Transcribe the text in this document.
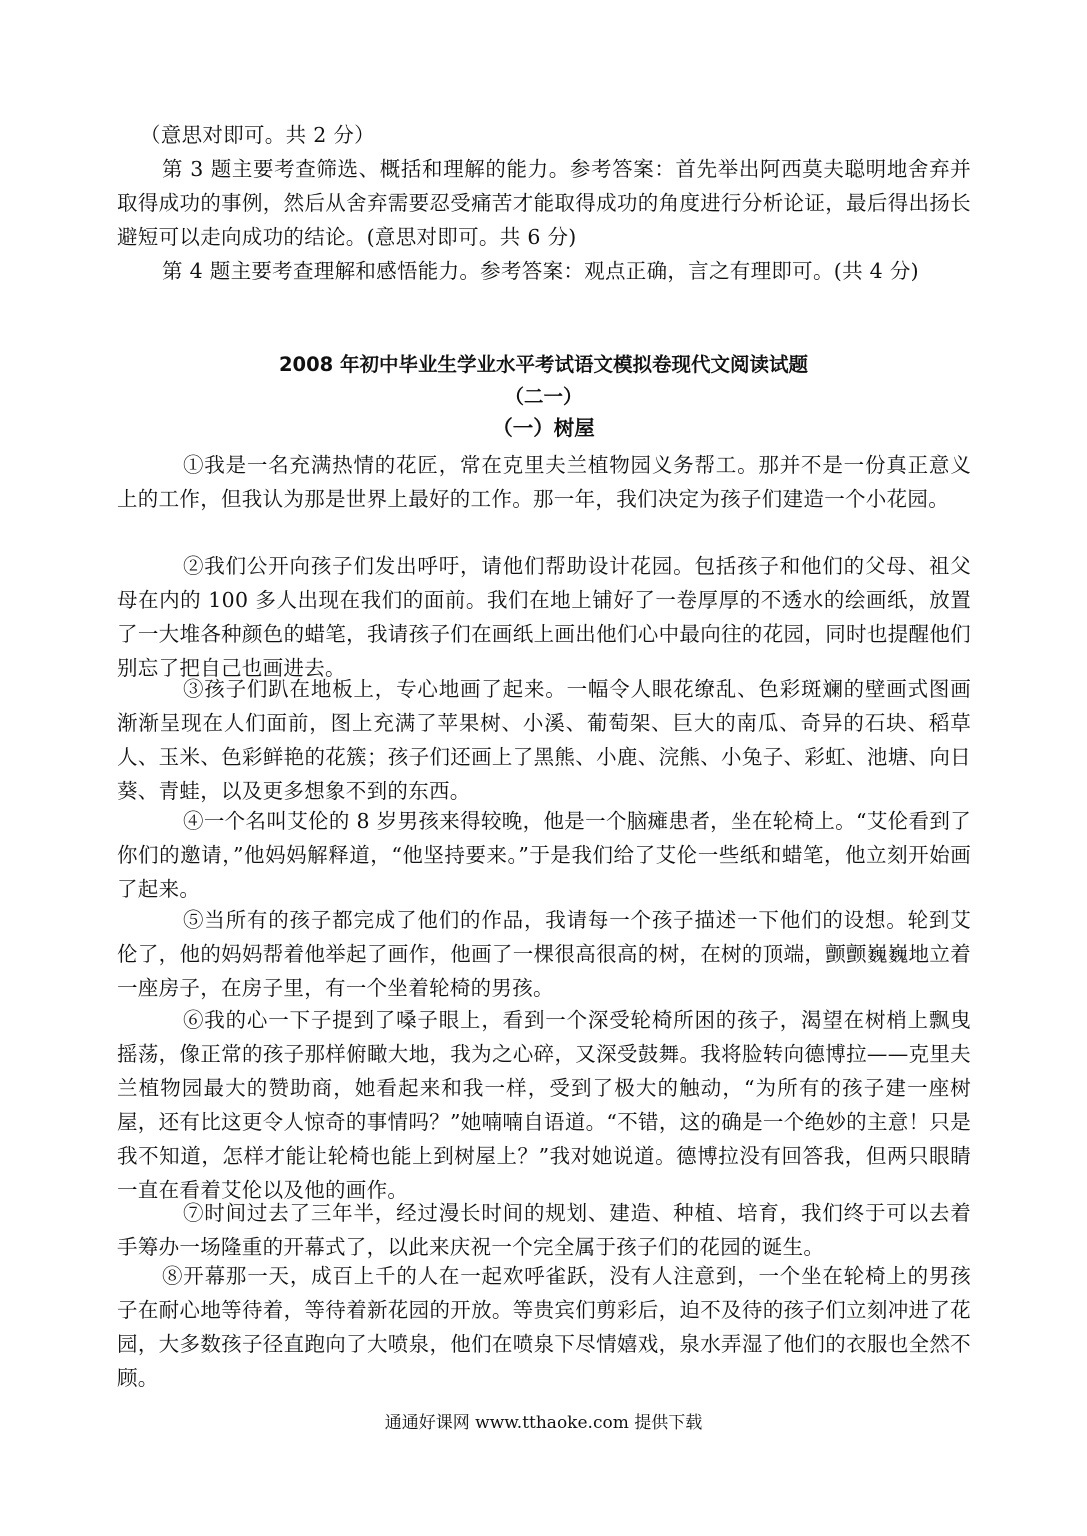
（意思对即可。共 2 分）

第 3 题主要考查筛选、概括和理解的能力。参考答案：首先举出阿西莫夫聪明地舍弃并取得成功的事例，然后从舍弃需要忍受痛苦才能取得成功的角度进行分析论证，最后得出扬长避短可以走向成功的结论。(意思对即可。共 6 分)

第 4 题主要考查理解和感悟能力。参考答案：观点正确，言之有理即可。(共 4 分)

2008 年初中毕业生学业水平考试语文模拟卷现代文阅读试题
（二一）
（一）树屋

①我是一名充满热情的花匠，常在克里夫兰植物园义务帮工。那并不是一份真正意义上的工作，但我认为那是世界上最好的工作。那一年，我们决定为孩子们建造一个小花园。

②我们公开向孩子们发出呼吁，请他们帮助设计花园。包括孩子和他们的父母、祖父母在内的 100 多人出现在我们的面前。我们在地上铺好了一卷厚厚的不透水的绘画纸，放置了一大堆各种颜色的蜡笔，我请孩子们在画纸上画出他们心中最向往的花园，同时也提醒他们别忘了把自己也画进去。

③孩子们趴在地板上，专心地画了起来。一幅令人眼花缭乱、色彩斑斓的壁画式图画渐渐呈现在人们面前，图上充满了苹果树、小溪、葡萄架、巨大的南瓜、奇异的石块、稻草人、玉米、色彩鲜艳的花簇；孩子们还画上了黑熊、小鹿、浣熊、小兔子、彩虹、池塘、向日葵、青蛙，以及更多想象不到的东西。

④一个名叫艾伦的 8 岁男孩来得较晚，他是一个脑瘫患者，坐在轮椅上。“艾伦看到了你们的邀请，”他妈妈解释道，“他坚持要来。”于是我们给了艾伦一些纸和蜡笔，他立刻开始画了起来。

⑤当所有的孩子都完成了他们的作品，我请每一个孩子描述一下他们的设想。轮到艾伦了，他的妈妈帮着他举起了画作，他画了一棵很高很高的树，在树的顶端，颤颤巍巍地立着一座房子，在房子里，有一个坐着轮椅的男孩。

⑥我的心一下子提到了嗓子眼上，看到一个深受轮椅所困的孩子，渴望在树梢上飘曳摇荡，像正常的孩子那样俯瞰大地，我为之心碎，又深受鼓舞。我将脸转向德博拉——克里夫兰植物园最大的赞助商，她看起来和我一样，受到了极大的触动，“为所有的孩子建一座树屋，还有比这更令人惊奇的事情吗？”她喃喃自语道。“不错，这的确是一个绝妙的主意！只是我不知道，怎样才能让轮椅也能上到树屋上？”我对她说道。德博拉没有回答我，但两只眼睛一直在看着艾伦以及他的画作。

⑦时间过去了三年半，经过漫长时间的规划、建造、种植、培育，我们终于可以去着手筹办一场隆重的开幕式了，以此来庆祝一个完全属于孩子们的花园的诞生。

⑧开幕那一天，成百上千的人在一起欢呼雀跃，没有人注意到，一个坐在轮椅上的男孩子在耐心地等待着，等待着新花园的开放。等贵宾们剪彩后，迫不及待的孩子们立刻冲进了花园，大多数孩子径直跑向了大喷泉，他们在喷泉下尽情嬉戏，泉水弄湿了他们的衣服也全然不顾。

通通好课网 www.tthaoke.com 提供下载
